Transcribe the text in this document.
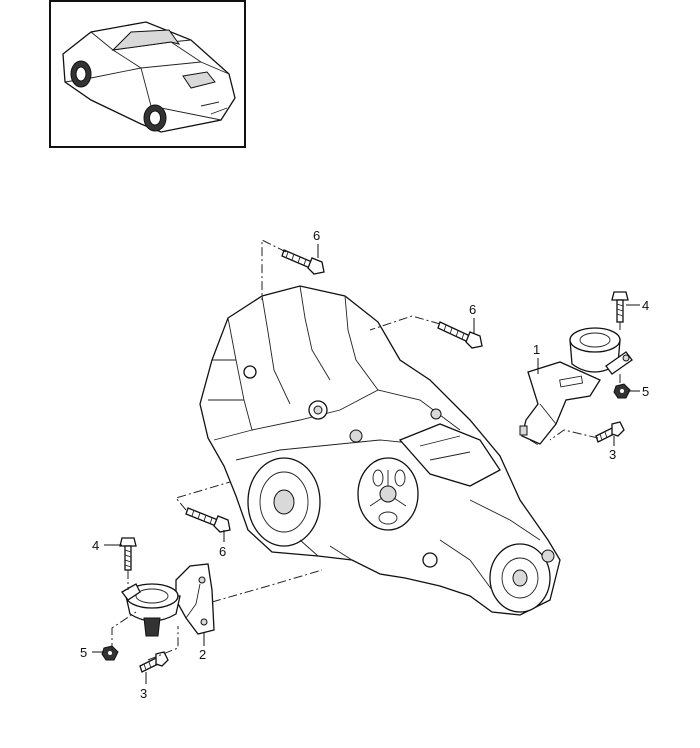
1
2
3
3
4
4
5
5
6
6
6
